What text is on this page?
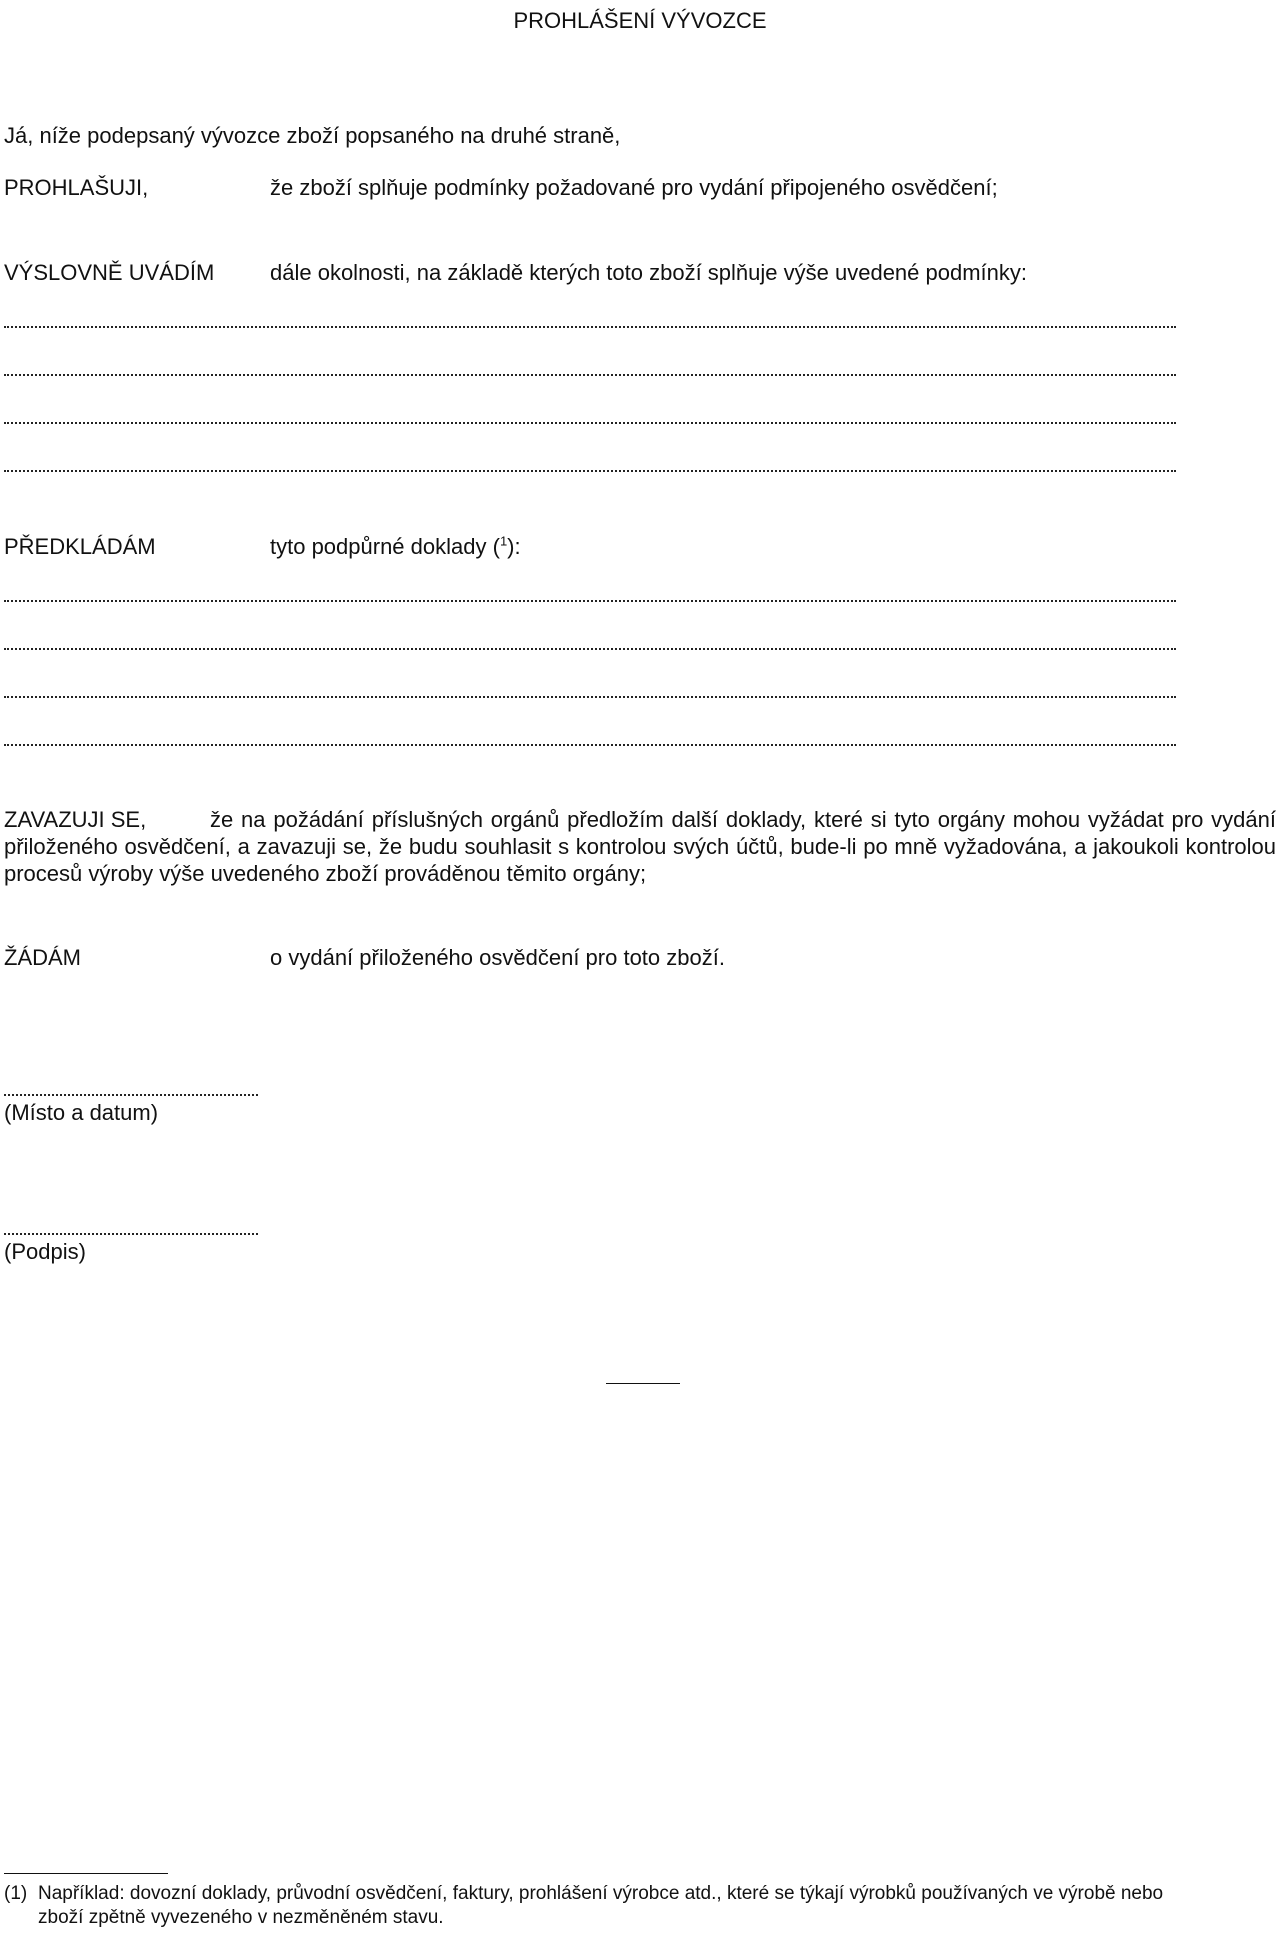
PROHLÁŠENÍ VÝVOZCE
Já, níže podepsaný vývozce zboží popsaného na druhé straně,
PROHLAŠUJI,	že zboží splňuje podmínky požadované pro vydání připojeného osvědčení;
VÝSLOVNĚ UVÁDÍM	dále okolnosti, na základě kterých toto zboží splňuje výše uvedené podmínky:
PŘEDKLÁDÁM	tyto podpůrné doklady ($^1$):
ZAVAZUJI SE,	že na požádání příslušných orgánů předložím další doklady, které si tyto orgány mohou vyžádat pro vydání přiloženého osvědčení, a zavazuji se, že budu souhlasit s kontrolou svých účtů, bude-li po mně vyžadována, a jakoukoli kontrolou procesů výroby výše uvedeného zboží prováděnou těmito orgány;
ŽÁDÁM	o vydání přiloženého osvědčení pro toto zboží.
(Místo a datum)
(Podpis)
(1) Například: dovozní doklady, průvodní osvědčení, faktury, prohlášení výrobce atd., které se týkají výrobků používaných ve výrobě nebo
zboží zpětně vyvezeného v nezměněném stavu.
